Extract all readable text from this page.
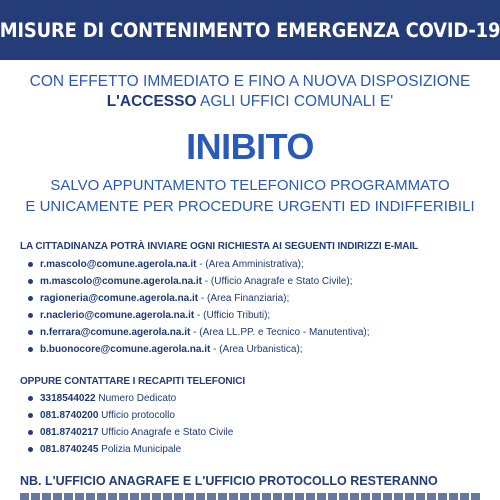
MISURE DI CONTENIMENTO EMERGENZA COVID-19
CON EFFETTO IMMEDIATO E FINO A NUOVA DISPOSIZIONE
L'ACCESSO AGLI UFFICI COMUNALI E'
INIBITO
SALVO APPUNTAMENTO TELEFONICO PROGRAMMATO
E UNICAMENTE PER PROCEDURE URGENTI ED INDIFFERIBILI
LA CITTADINANZA POTRÀ INVIARE OGNI RICHIESTA AI SEGUENTI INDIRIZZI E-MAIL
r.mascolo@comune.agerola.na.it - (Area Amministrativa);
m.mascolo@comune.agerola.na.it - (Ufficio Anagrafe e Stato Civile);
ragioneria@comune.agerola.na.it - (Area Finanziaria);
r.naclerio@comune.agerola.na.it - (Ufficio Tributi);
n.ferrara@comune.agerola.na.it - (Area LL.PP. e Tecnico - Manutentiva);
b.buonocore@comune.agerola.na.it - (Area Urbanistica);
OPPURE CONTATTARE I RECAPITI TELEFONICI
3318544022 Numero Dedicato
081.8740200 Ufficio protocollo
081.8740217 Ufficio Anagrafe e Stato Civile
081.8740245 Polizia Municipale
NB. L'UFFICIO ANAGRAFE E L'UFFICIO PROTOCOLLO RESTERANNO
